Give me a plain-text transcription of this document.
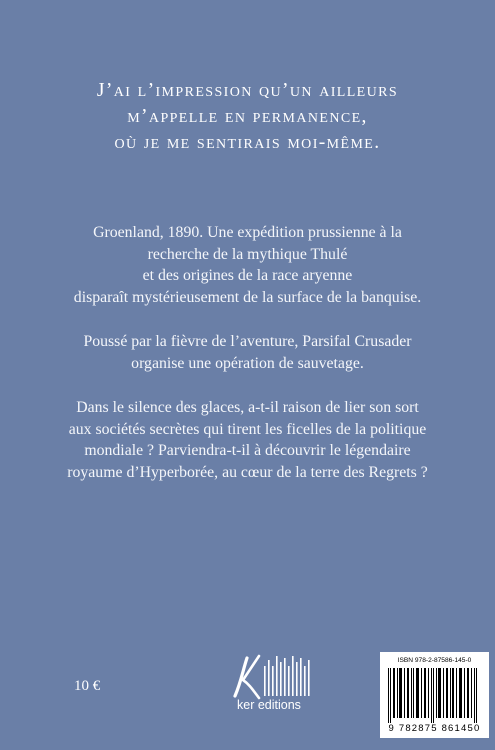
J’ai l’impression qu’un ailleurs
m’appelle en permanence,
où je me sentirais moi-même.
Groenland, 1890. Une expédition prussienne à la
recherche de la mythique Thulé
et des origines de la race aryenne
disparaît mystérieusement de la surface de la banquise.
Poussé par la fièvre de l’aventure, Parsifal Crusader
organise une opération de sauvetage.
Dans le silence des glaces, a-t-il raison de lier son sort
aux sociétés secrètes qui tirent les ficelles de la politique
mondiale ? Parviendra-t-il à découvrir le légendaire
royaume d’Hyperborée, au cœur de la terre des Regrets ?
10 €
ker editions
ISBN 978-2-87586-145-0
9 782875 861450
